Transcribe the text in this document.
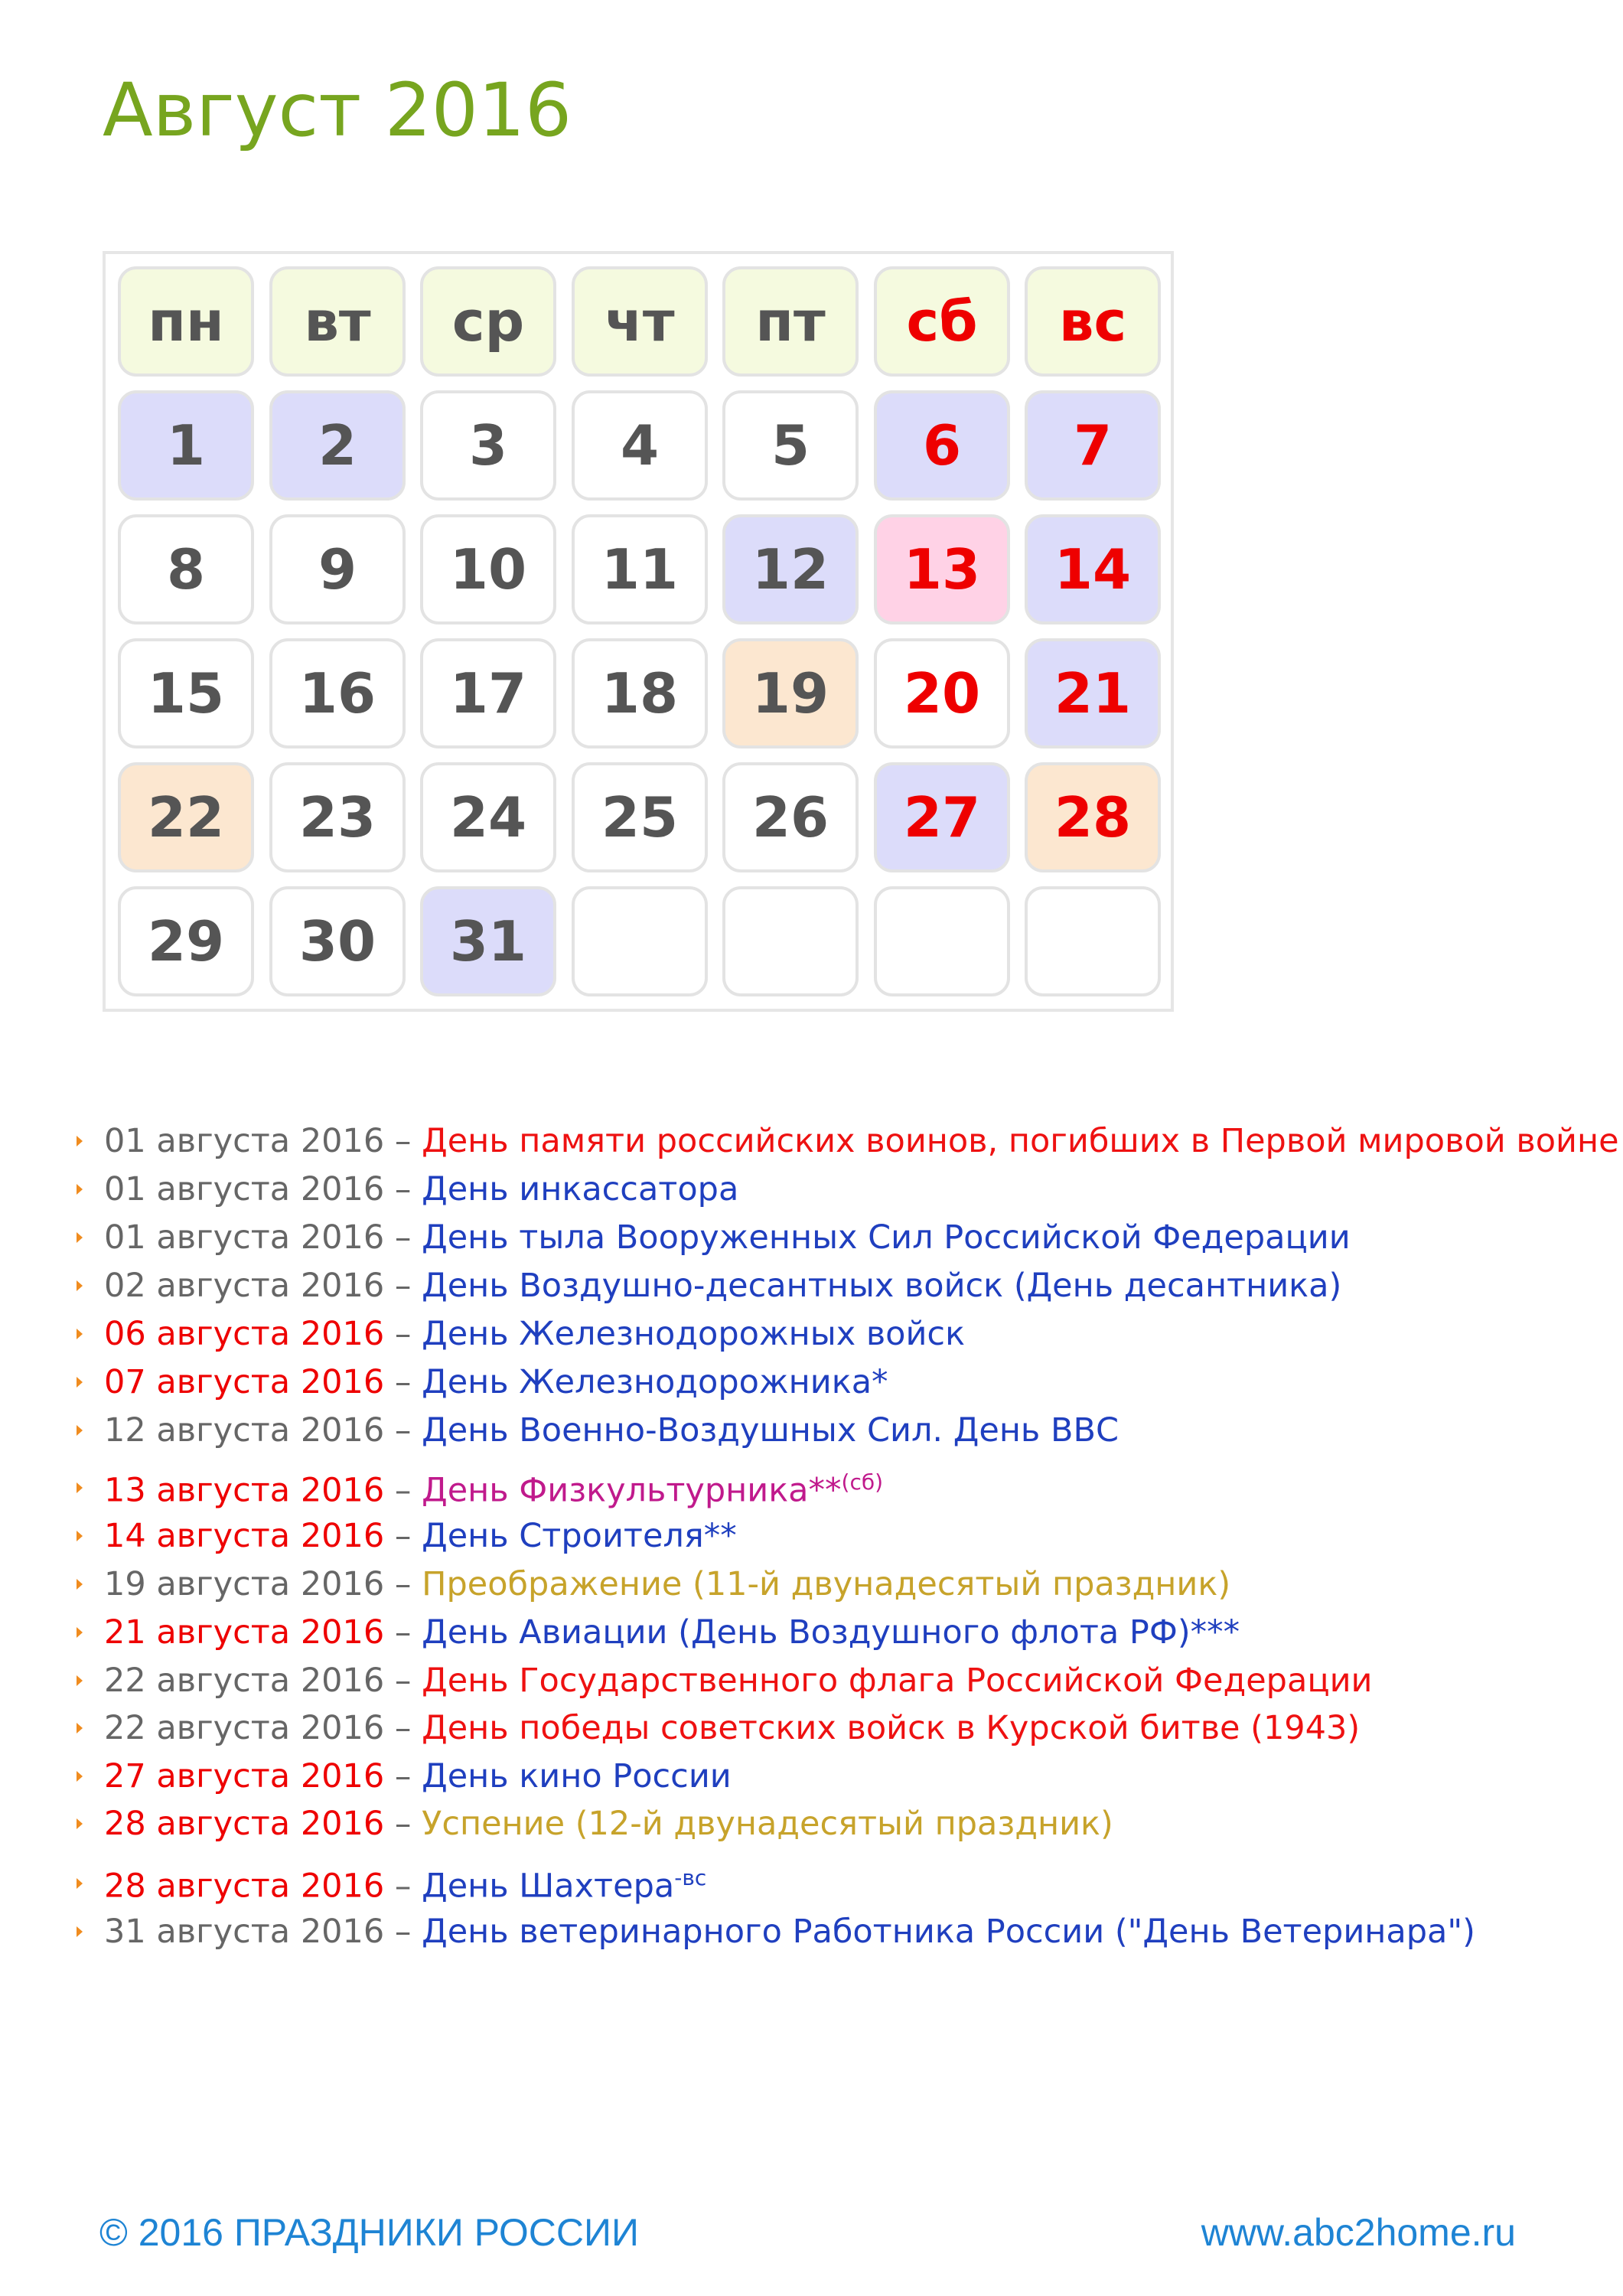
Август 2016
пн	вт	ср	чт	пт	сб	вс
1	2	3	4	5	6	7
8	9	10	11	12	13	14
15	16	17	18	19	20	21
22	23	24	25	26	27	28
29	30	31
01 августа 2016 – День памяти российских воинов, погибших в Первой мировой войне
01 августа 2016 – День инкассатора
01 августа 2016 – День тыла Вооруженных Сил Российской Федерации
02 августа 2016 – День Воздушно-десантных войск (День десантника)
06 августа 2016 – День Железнодорожных войск
07 августа 2016 – День Железнодорожника*
12 августа 2016 – День Военно-Воздушных Сил. День ВВС
13 августа 2016 – День Физкультурника**$^{(сб)}$
14 августа 2016 – День Строителя**
19 августа 2016 – Преображение (11-й двунадесятый праздник)
21 августа 2016 – День Авиации (День Воздушного флота РФ)***
22 августа 2016 – День Государственного флага Российской Федерации
22 августа 2016 – День победы советских войск в Курской битве (1943)
27 августа 2016 – День кино России
28 августа 2016 – Успение (12-й двунадесятый праздник)
28 августа 2016 – День Шахтера$^{-вс}$
31 августа 2016 – День ветеринарного Работника России ("День Ветеринара")
© 2016 ПРАЗДНИКИ РОССИИ	www.abc2home.ru
